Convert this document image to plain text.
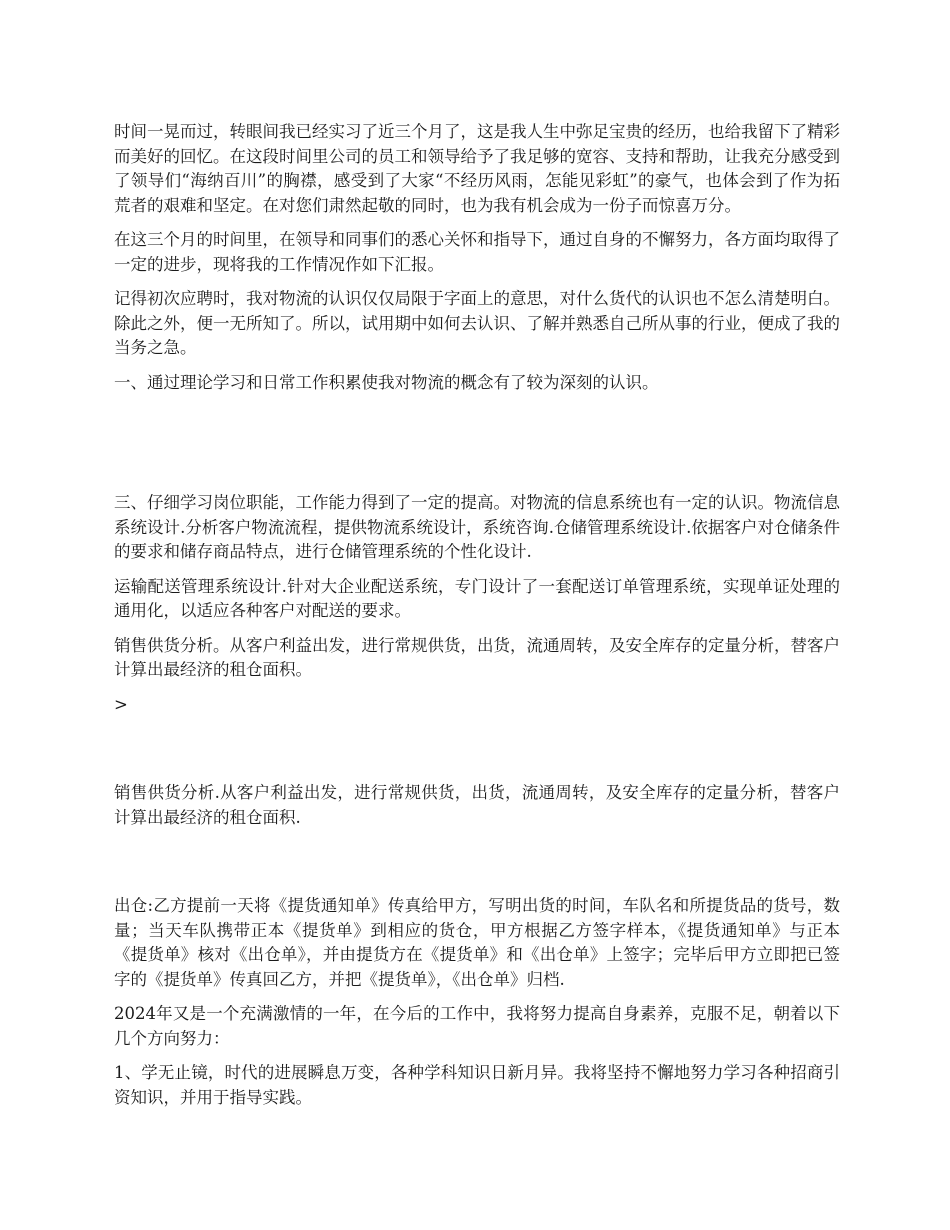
时间一晃而过，转眼间我已经实习了近三个月了，这是我人生中弥足宝贵的经历，也给我留下了精彩而美好的回忆。在这段时间里公司的员工和领导给予了我足够的宽容、支持和帮助，让我充分感受到了领导们“海纳百川”的胸襟，感受到了大家“不经历风雨，怎能见彩虹”的豪气，也体会到了作为拓荒者的艰难和坚定。在对您们肃然起敬的同时，也为我有机会成为一份子而惊喜万分。

在这三个月的时间里，在领导和同事们的悉心关怀和指导下，通过自身的不懈努力，各方面均取得了一定的进步，现将我的工作情况作如下汇报。

记得初次应聘时，我对物流的认识仅仅局限于字面上的意思，对什么货代的认识也不怎么清楚明白。除此之外，便一无所知了。所以，试用期中如何去认识、了解并熟悉自己所从事的行业，便成了我的当务之急。

一、通过理论学习和日常工作积累使我对物流的概念有了较为深刻的认识。

三、仔细学习岗位职能，工作能力得到了一定的提高。对物流的信息系统也有一定的认识。物流信息系统设计.分析客户物流流程，提供物流系统设计，系统咨询.仓储管理系统设计.依据客户对仓储条件的要求和储存商品特点，进行仓储管理系统的个性化设计.

运输配送管理系统设计.针对大企业配送系统，专门设计了一套配送订单管理系统，实现单证处理的通用化，以适应各种客户对配送的要求。

销售供货分析。从客户利益出发，进行常规供货，出货，流通周转，及安全库存的定量分析，替客户计算出最经济的租仓面积。

>

销售供货分析.从客户利益出发，进行常规供货，出货，流通周转，及安全库存的定量分析，替客户计算出最经济的租仓面积.

出仓:乙方提前一天将《提货通知单》传真给甲方，写明出货的时间，车队名和所提货品的货号，数量；当天车队携带正本《提货单》到相应的货仓，甲方根据乙方签字样本，《提货通知单》与正本《提货单》核对《出仓单》，并由提货方在《提货单》和《出仓单》上签字；完毕后甲方立即把已签字的《提货单》传真回乙方，并把《提货单》，《出仓单》归档.

2024年又是一个充满激情的一年，在今后的工作中，我将努力提高自身素养，克服不足，朝着以下几个方向努力：

1、学无止镜，时代的进展瞬息万变，各种学科知识日新月异。我将坚持不懈地努力学习各种招商引资知识，并用于指导实践。
